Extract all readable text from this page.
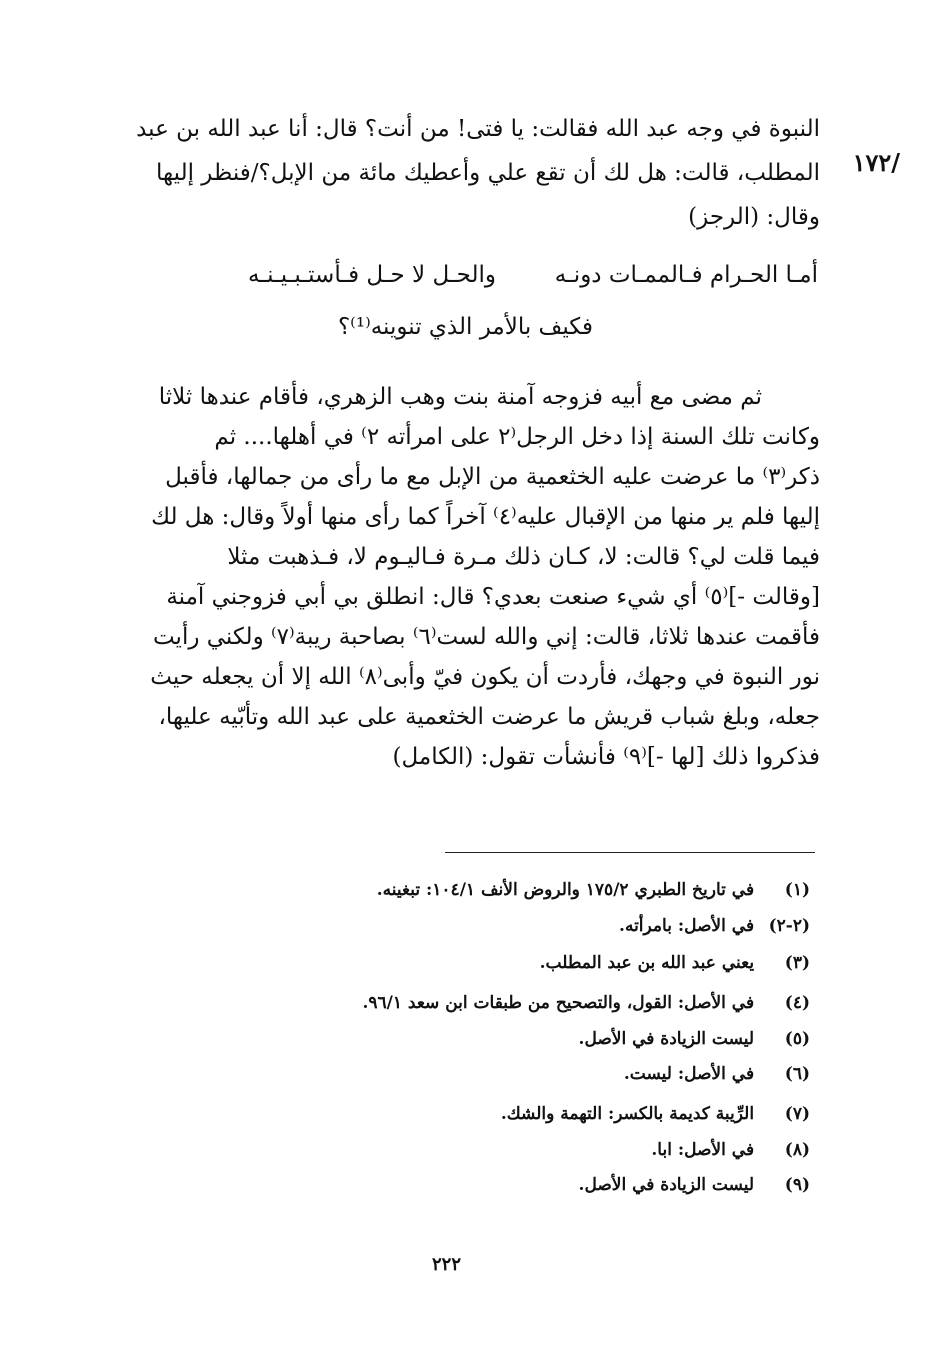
/١٧٢
النبوة في وجه عبد الله فقالت: يا فتى! من أنت؟ قال: أنا عبد الله بن عبد
المطلب، قالت: هل لك أن تقع علي وأعطيك مائة من الإبل؟/فنظر إليها
وقال: (الرجز)
أمـا الحـرام فـالممـات دونـه
والحـل لا حـل فـأستـبـيـنـه
فكيف بالأمر الذي تنوينه⁽¹⁾؟
ثم مضى مع أبيه فزوجه آمنة بنت وهب الزهري، فأقام عندها ثلاثا
وكانت تلك السنة إذا دخل الرجل⁽٢ على امرأته ٢⁾ في أهلها.... ثم
ذكر⁽٣⁾ ما عرضت عليه الخثعمية من الإبل مع ما رأى من جمالها، فأقبل
إليها فلم ير منها من الإقبال عليه⁽٤⁾ آخراً كما رأى منها أولاً وقال: هل لك
فيما قلت لي؟ قالت: لا، كـان ذلك مـرة فـاليـوم لا، فـذهبت مثلا
[وقالت -]⁽٥⁾ أي شيء صنعت بعدي؟ قال: انطلق بي أبي فزوجني آمنة
فأقمت عندها ثلاثا، قالت: إني والله لست⁽٦⁾ بصاحبة ريبة⁽٧⁾ ولكني رأيت
نور النبوة في وجهك، فأردت أن يكون فيّ وأبى⁽٨⁾ الله إلا أن يجعله حيث
جعله، وبلغ شباب قريش ما عرضت الخثعمية على عبد الله وتأبّيه عليها،
فذكروا ذلك [لها -]⁽٩⁾ فأنشأت تقول: (الكامل)
(١) في تاريخ الطبري ١٧٥/٢ والروض الأنف ١٠٤/١: تبغينه.
(٢-٢) في الأصل: بامرأته.
(٣) يعني عبد الله بن عبد المطلب.
(٤) في الأصل: القول، والتصحيح من طبقات ابن سعد ٩٦/١.
(٥) ليست الزيادة في الأصل.
(٦) في الأصل: ليست.
(٧) الرِّيبة كديمة بالكسر: التهمة والشك.
(٨) في الأصل: ابا.
(٩) ليست الزيادة في الأصل.
٢٢٢
